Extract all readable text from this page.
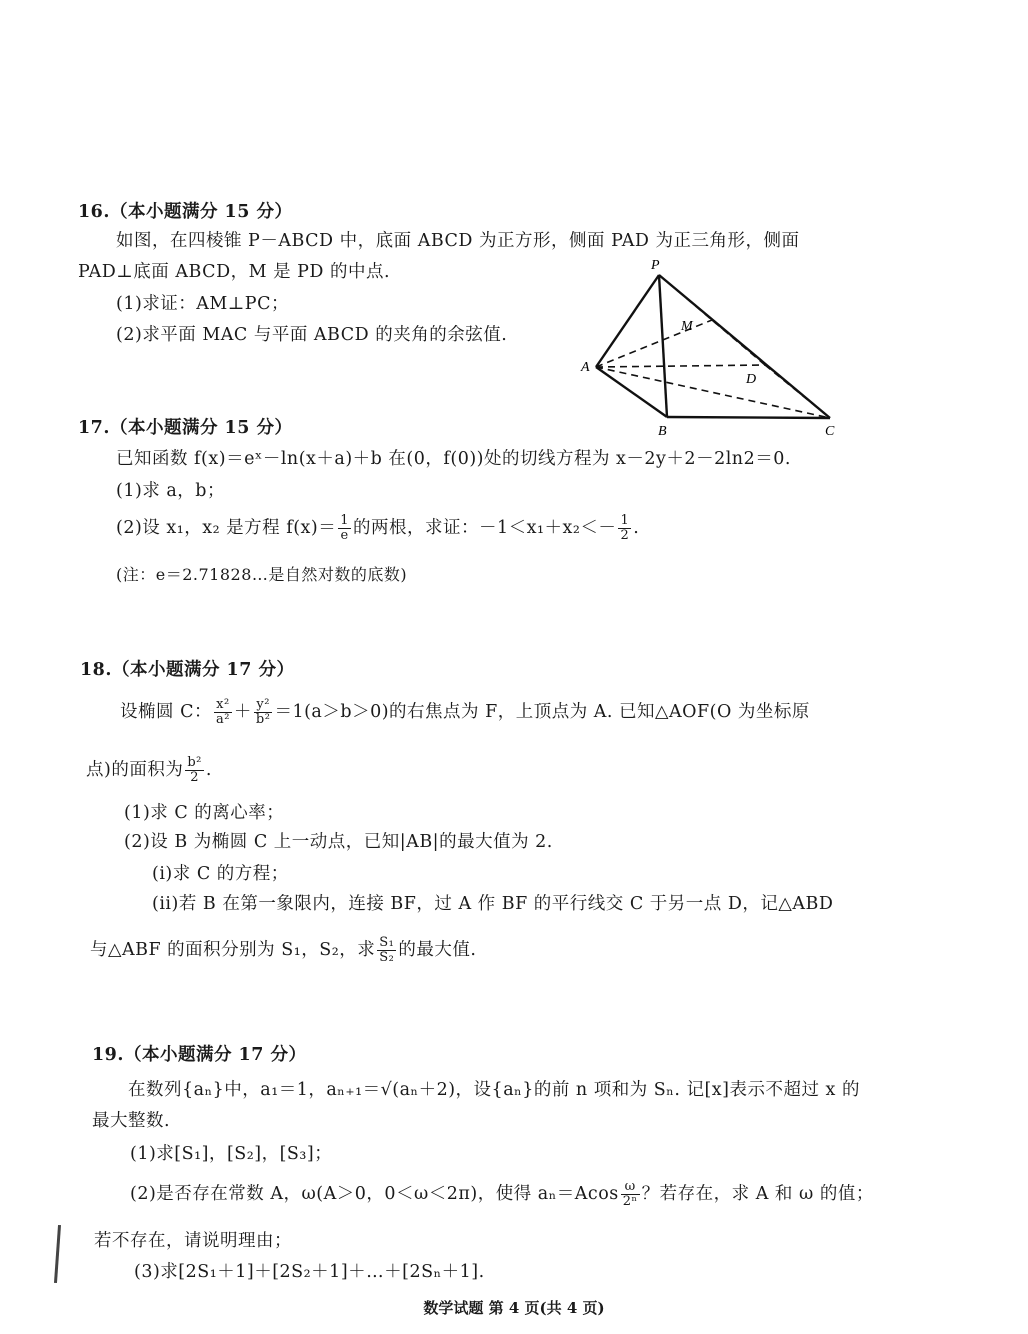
16.（本小题满分 15 分）
如图，在四棱锥 P－ABCD 中，底面 ABCD 为正方形，侧面 PAD 为正三角形，侧面
PAD⊥底面 ABCD，M 是 PD 的中点.
(1)求证：AM⊥PC；
(2)求平面 MAC 与平面 ABCD 的夹角的余弦值.
P
A
B	C
D
M
17.（本小题满分 15 分）
已知函数 f(x)＝eˣ－ln(x＋a)＋b 在(0，f(0))处的切线方程为 x－2y＋2－2ln2＝0.
(1)求 a，b；
(2)设 x₁，x₂ 是方程 $f(x)= \frac{1}{e}$ 的两根，求证：$-1<x_1+x_2<- \frac{1}{2}$ .
(注：e＝2.71828…是自然对数的底数)
18.（本小题满分 17 分）
设椭圆 C： $\frac{\text{x²}}{\text{a²}} + \frac{\text{y²}}{\text{b²}} =1(a>b>0)$的右焦点为 F，上顶点为 A. 已知△AOF(O 为坐标原
点)的面积为 $\frac{\text{b²}}{2}$ .
(1)求 C 的离心率；
(2)设 B 为椭圆 C 上一动点，已知|AB|的最大值为 2.
(i)求 C 的方程；
(ii)若 B 在第一象限内，连接 BF，过 A 作 BF 的平行线交 C 于另一点 D，记△ABD
与△ABF 的面积分别为 S₁，S₂，求 $\frac{\text{S₁}}{\text{S₂}}$ 的最大值.
19.（本小题满分 17 分）
在数列{aₙ}中，a₁＝1，aₙ₊₁＝√(aₙ＋2)，设{aₙ}的前 n 项和为 Sₙ. 记[x]表示不超过 x 的
最大整数.
(1)求[S₁]，[S₂]，[S₃]；
(2)是否存在常数 A，ω(A＞0，0＜ω＜2π)，使得 $a_n=Acos \frac{\omega}{\text{2ⁿ}}$ ？若存在，求 A 和 ω 的值；
若不存在，请说明理由；
(3)求[2S₁＋1]＋[2S₂＋1]＋…＋[2Sₙ＋1].
数学试题 第 4 页(共 4 页)
